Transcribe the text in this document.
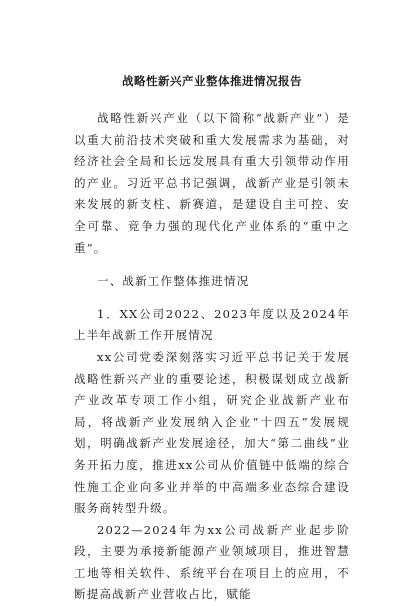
战略性新兴产业整体推进情况报告

战略性新兴产业（以下简称“战新产业”）是以重大前沿技术突破和重大发展需求为基础，对经济社会全局和长远发展具有重大引领带动作用的产业。习近平总书记强调，战新产业是引领未来发展的新支柱、新赛道，是建设自主可控、安全可靠、竞争力强的现代化产业体系的“重中之重”。

一、战新工作整体推进情况

1．XX公司2022、2023年度以及2024年上半年战新工作开展情况

xx公司党委深刻落实习近平总书记关于发展战略性新兴产业的重要论述，积极谋划成立战新产业改革专项工作小组，研究企业战新产业布局，将战新产业发展纳入企业“十四五”发展规划，明确战新产业发展途径，加大“第二曲线”业务开拓力度，推进xx公司从价值链中低端的综合性施工企业向多业并举的中高端多业态综合建设服务商转型升级。

2022—2024年为xx公司战新产业起步阶段，主要为承接新能源产业领域项目，推进智慧工地等相关软件、系统平台在项目上的应用，不断提高战新产业营收占比，赋能
